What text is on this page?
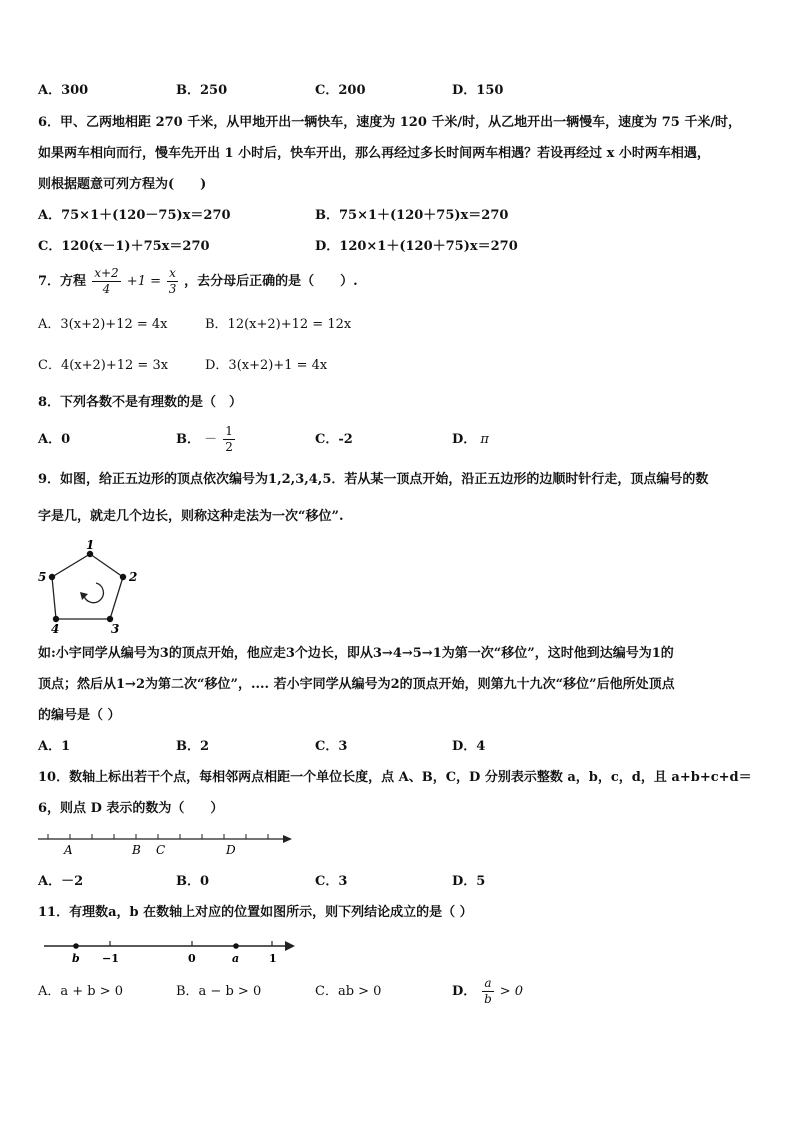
A．300	B．250	C．200	D．150
6．甲、乙两地相距 270 千米，从甲地开出一辆快车，速度为 120 千米/时，从乙地开出一辆慢车，速度为 75 千米/时，
如果两车相向而行，慢车先开出 1 小时后，快车开出，那么再经过多长时间两车相遇？若设再经过 x 小时两车相遇，
则根据题意可列方程为(　　)
A．75×1＋(120－75)x＝270	B．75×1＋(120＋75)x＝270
C．120(x－1)＋75x＝270	D．120×1＋(120＋75)x＝270
7．方程 $\frac{x+2}{4} +1 = \frac{x}{3}$ ，去分母后正确的是（　　）.
A．3(x+2)+12 = 4x	B．12(x+2)+12 = 12x
C．4(x+2)+12 = 3x	D．3(x+2)+1 = 4x
8．下列各数不是有理数的是（　）
A．0	B． － $\frac{1}{2}$	C．-2	D． π
9．如图，给正五边形的顶点依次编号为1,2,3,4,5．若从某一顶点开始，沿正五边形的边顺时针行走，顶点编号的数
字是几，就走几个边长，则称这种走法为一次“移位”.
1
2
3
4
5
如:小宇同学从编号为3的顶点开始，他应走3个边长，即从3→4→5→1为第一次“移位”，这时他到达编号为1的
顶点；然后从1→2为第二次“移位”，.... 若小宇同学从编号为2的顶点开始，则第九十九次“移位”后他所处顶点
的编号是（ ）
A．1	B．2	C．3	D．4
10．数轴上标出若干个点，每相邻两点相距一个单位长度，点 A、B，C，D 分别表示整数 a，b，c，d，且 a+b+c+d＝
6，则点 D 表示的数为（　　）
A	B C	D
A．－2	B．0	C．3	D．5
11．有理数a，b 在数轴上对应的位置如图所示，则下列结论成立的是（ ）
b −1	0	a	1
A．a + b > 0	B．a − b > 0	C．ab > 0	D． $\frac{a}{b} > 0$
